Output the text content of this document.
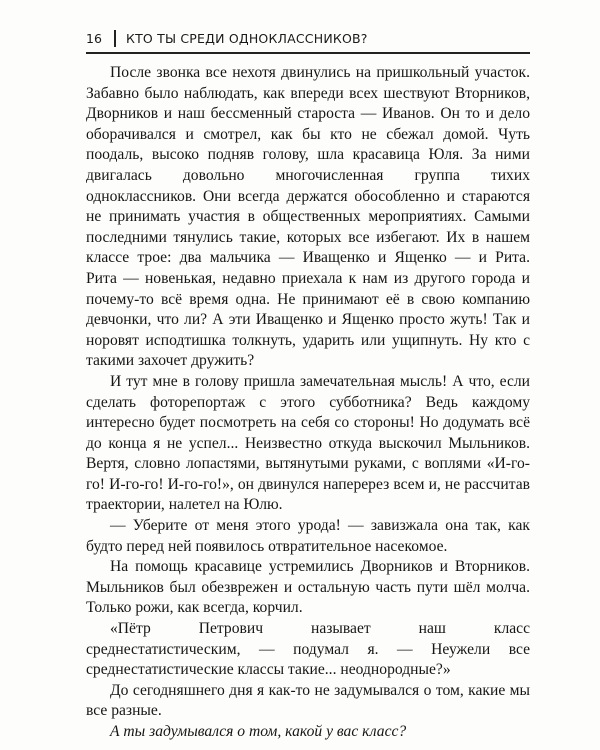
16	КТО ТЫ СРЕДИ ОДНОКЛАССНИКОВ?

После звонка все нехотя двинулись на пришкольный участок. Забавно было наблюдать, как впереди всех шествуют Вторников, Дворников и наш бессменный староста — Иванов. Он то и дело оборачивался и смотрел, как бы кто не сбежал домой. Чуть поодаль, высоко подняв голову, шла красавица Юля. За ними двигалась довольно многочисленная группа тихих одноклассников. Они всегда держатся обособленно и стараются не принимать участия в общественных мероприятиях. Самыми последними тянулись такие, которых все избегают. Их в нашем классе трое: два мальчика — Иващенко и Ященко — и Рита. Рита — новенькая, недавно приехала к нам из другого города и почему-то всё время одна. Не принимают её в свою компанию девчонки, что ли? А эти Иващенко и Ященко просто жуть! Так и норовят исподтишка толкнуть, ударить или ущипнуть. Ну кто с такими захочет дружить?

И тут мне в голову пришла замечательная мысль! А что, если сделать фоторепортаж с этого субботника? Ведь каждому интересно будет посмотреть на себя со стороны! Но додумать всё до конца я не успел... Неизвестно откуда выскочил Мыльников. Вертя, словно лопастями, вытянутыми руками, с воплями «И-го-го! И-го-го! И-го-го!», он двинулся наперерез всем и, не рассчитав траектории, налетел на Юлю.

— Уберите от меня этого урода! — завизжала она так, как будто перед ней появилось отвратительное насекомое.

На помощь красавице устремились Дворников и Вторников. Мыльников был обезврежен и остальную часть пути шёл молча. Только рожи, как всегда, корчил.

«Пётр Петрович называет наш класс среднестатистическим, — подумал я. — Неужели все среднестатистические классы такие... неоднородные?»

До сегодняшнего дня я как-то не задумывался о том, какие мы все разные.

А ты задумывался о том, какой у вас класс?
